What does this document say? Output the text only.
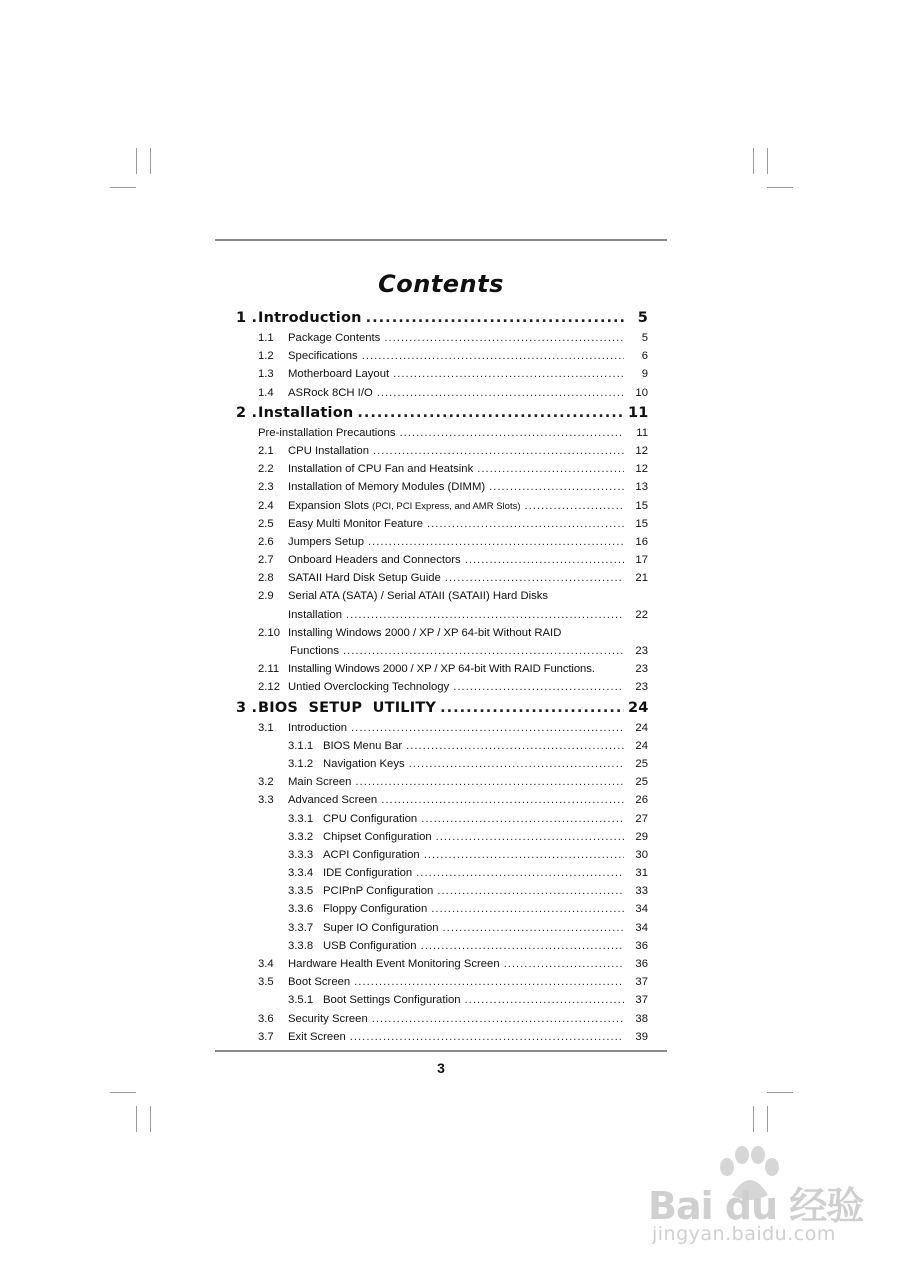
Contents
1 . Introduction .....	5
1.1	Package Contents .....	5
1.2	Specifications .....	6
1.3	Motherboard Layout .....	9
1.4	ASRock 8CH I/O .....	10
2 . Installation .....	11
Pre-installation Precautions .....	11
2.1	CPU Installation .....	12
2.2	Installation of CPU Fan and Heatsink .....	12
2.3	Installation of Memory Modules (DIMM) .....	13
2.4	Expansion Slots (PCI, PCI Express, and AMR Slots) .....	15
2.5	Easy Multi Monitor Feature .....	15
2.6	Jumpers Setup .....	16
2.7	Onboard Headers and Connectors .....	17
2.8	SATAII Hard Disk Setup Guide .....	21
2.9	Serial ATA (SATA) / Serial ATAII (SATAII) Hard Disks
Installation .....	22
2.10 Installing Windows 2000 / XP / XP 64-bit Without RAID
Functions .....	23
2.11 Installing Windows 2000 / XP / XP 64-bit With RAID Functions.	23
2.12 Untied Overclocking Technology .....	23
3 . BIOS  SETUP  UTILITY .....	24
3.1	Introduction .....	24
3.1.1 BIOS Menu Bar .....	24
3.1.2 Navigation Keys .....	25
3.2	Main Screen .....	25
3.3	Advanced Screen .....	26
3.3.1 CPU Configuration .....	27
3.3.2 Chipset Configuration .....	29
3.3.3 ACPI Configuration .....	30
3.3.4 IDE Configuration .....	31
3.3.5 PCIPnP Configuration .....	33
3.3.6 Floppy Configuration .....	34
3.3.7 Super IO Configuration .....	34
3.3.8 USB Configuration .....	36
3.4	Hardware Health Event Monitoring Screen .....	36
3.5	Boot Screen .....	37
3.5.1 Boot Settings Configuration .....	37
3.6	Security Screen .....	38
3.7	Exit Screen .....	39
3
Bai du 经验
jingyan.baidu.com
